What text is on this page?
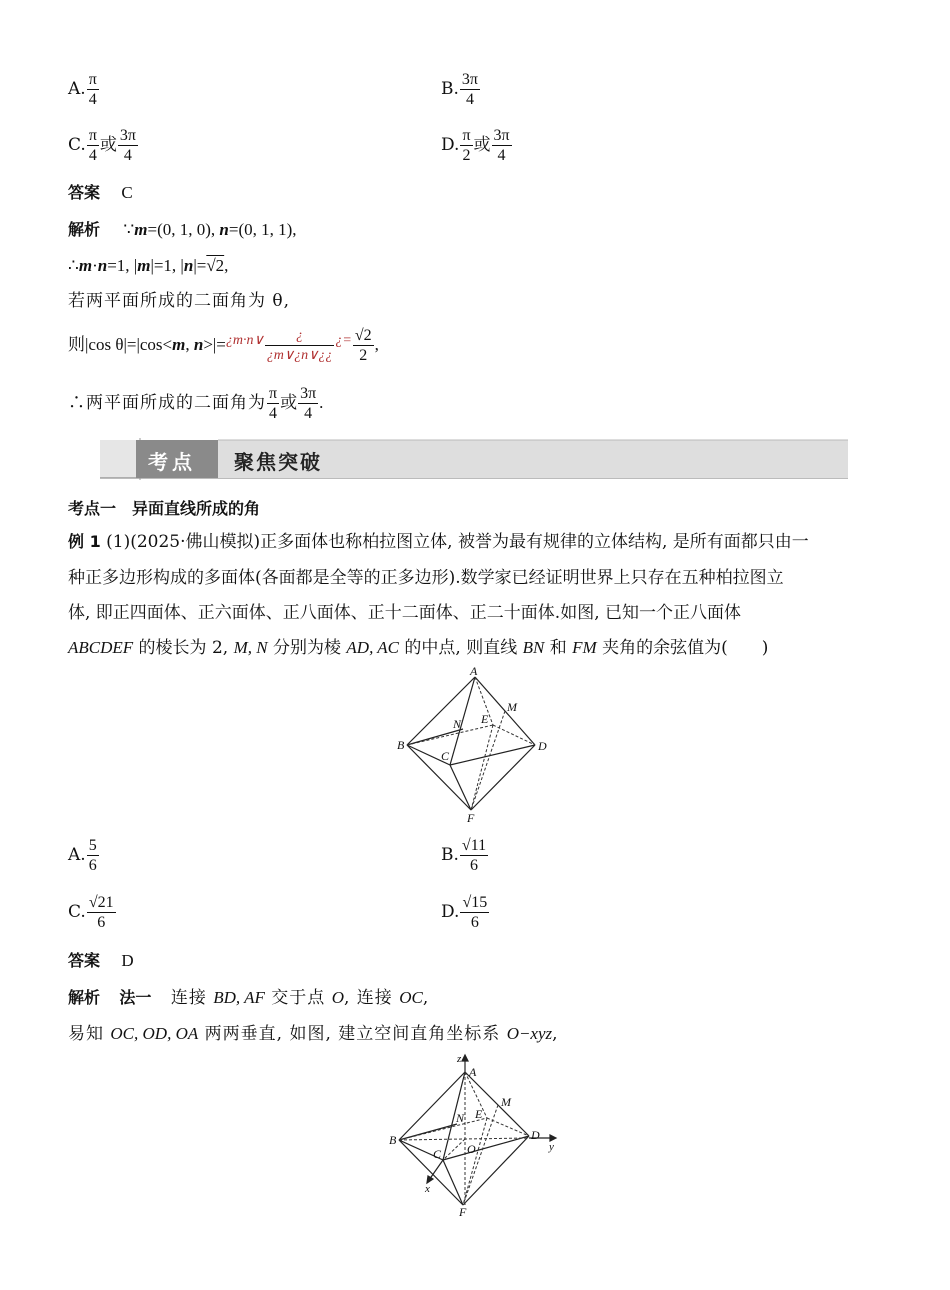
A. $\frac{\pi}{4}$	B. $\frac{3\pi}{4}$
C. $\frac{\pi}{4}$ 或 $\frac{3\pi}{4}$	D. $\frac{\pi}{2}$ 或 $\frac{3\pi}{4}$
答案 C
解析 ∵m=(0, 1, 0), n=(0, 1, 1),
∴m·n=1, |m|=1, |n|=√2,
若两平面所成的二面角为 θ,
则|cos θ|=|cos<m, $n>|=^{¿m\cdot n\vee} \frac{¿}{¿m\vee¿n\vee¿¿} ^{¿=} \frac{√2}{2}$ ,
∴两平面所成的二面角为 $\frac{\pi}{4}$ 或 $\frac{3\pi}{4}$ .
考点 聚焦突破
考点一　异面直线所成的角
例 1 (1)(2025·佛山模拟)正多面体也称柏拉图立体, 被誉为最有规律的立体结构, 是所有面都只由一
种正多边形构成的多面体(各面都是全等的正多边形).数学家已经证明世界上只存在五种柏拉图立
体, 即正四面体、正六面体、正八面体、正十二面体、正二十面体.如图, 已知一个正八面体
ABCDEF 的棱长为 2, M, N 分别为棱 AD, AC 的中点, 则直线 BN 和 FM 夹角的余弦值为(　　)
A
B
C
D
E
F
M
N
A. $\frac{5}{6}$	B. $\frac{√11}{6}$
C. $\frac{√21}{6}$	D. $\frac{√15}{6}$
答案 D
解析 法一 连接 BD, AF 交于点 O, 连接 OC,
易知 OC, OD, OA 两两垂直, 如图, 建立空间直角坐标系 O−xyz,
A
B
C
D
E
F
M
N
O
x
y
z
